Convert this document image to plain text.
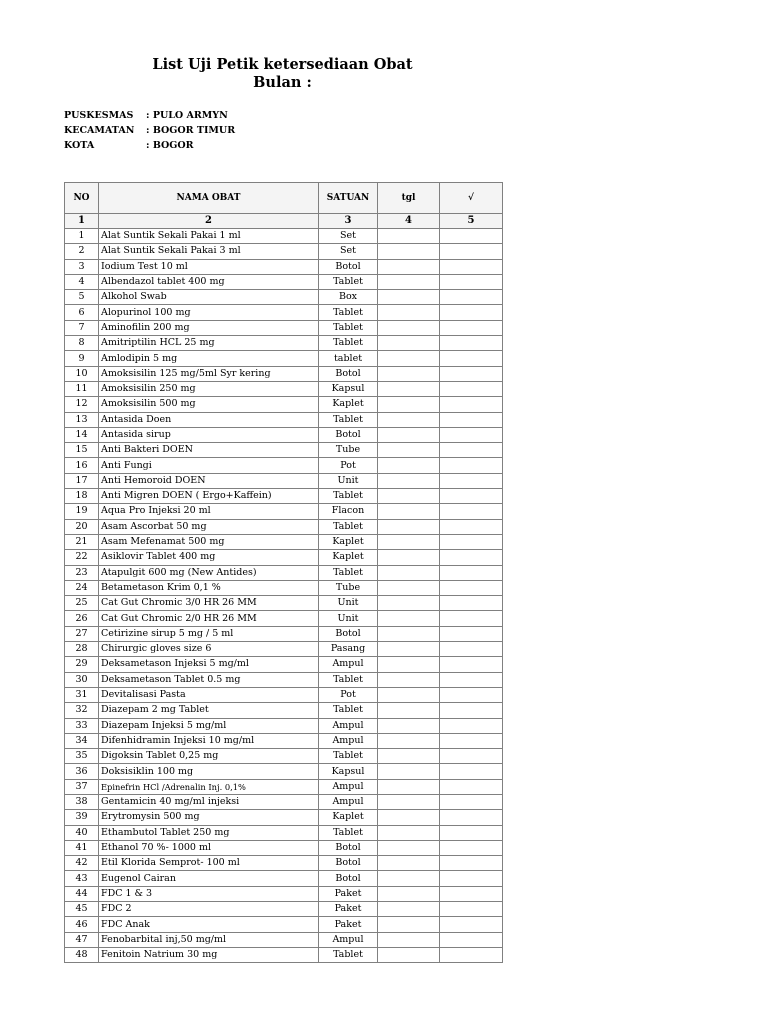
List Uji Petik ketersediaan Obat
Bulan :
PUSKESMAS : PULO ARMYN
KECAMATAN : BOGOR TIMUR
KOTA	: BOGOR
NO	NAMA OBAT	SATUAN	tgl	√
1	2	3	4	5
1	Alat Suntik Sekali Pakai 1 ml	Set		
2	Alat Suntik Sekali Pakai 3 ml	Set		
3	Iodium Test 10 ml	Botol		
4	Albendazol tablet 400 mg	Tablet		
5	Alkohol Swab	Box		
6	Alopurinol 100 mg	Tablet		
7	Aminofilin 200 mg	Tablet		
8	Amitriptilin HCL 25 mg	Tablet		
9	Amlodipin 5 mg	tablet		
10	Amoksisilin 125 mg/5ml Syr kering	Botol		
11	Amoksisilin 250 mg	Kapsul		
12	Amoksisilin 500 mg	Kaplet		
13	Antasida Doen	Tablet		
14	Antasida sirup	Botol		
15	Anti Bakteri DOEN	Tube		
16	Anti Fungi	Pot		
17	Anti Hemoroid DOEN	Unit		
18	Anti Migren DOEN ( Ergo+Kaffein)	Tablet		
19	Aqua Pro Injeksi 20 ml	Flacon		
20	Asam Ascorbat 50 mg	Tablet		
21	Asam Mefenamat 500 mg	Kaplet		
22	Asiklovir Tablet 400 mg	Kaplet		
23	Atapulgit 600 mg (New Antides)	Tablet		
24	Betametason Krim 0,1 %	Tube		
25	Cat Gut Chromic 3/0 HR 26 MM	Unit		
26	Cat Gut Chromic 2/0 HR 26 MM	Unit		
27	Cetirizine sirup 5 mg / 5 ml	Botol		
28	Chirurgic gloves size 6	Pasang		
29	Deksametason Injeksi 5 mg/ml	Ampul		
30	Deksametason Tablet 0.5 mg	Tablet		
31	Devitalisasi Pasta	Pot		
32	Diazepam 2 mg Tablet	Tablet		
33	Diazepam Injeksi 5 mg/ml	Ampul		
34	Difenhidramin Injeksi 10 mg/ml	Ampul		
35	Digoksin Tablet 0,25 mg	Tablet		
36	Doksisiklin 100 mg	Kapsul		
37	Epinefrin HCl /Adrenalin Inj. 0,1%	Ampul		
38	Gentamicin 40 mg/ml injeksi	Ampul		
39	Erytromysin 500 mg	Kaplet		
40	Ethambutol Tablet 250 mg	Tablet		
41	Ethanol 70 %- 1000 ml	Botol		
42	Etil Klorida Semprot- 100 ml	Botol		
43	Eugenol Cairan	Botol		
44	FDC 1 & 3	Paket		
45	FDC 2	Paket		
46	FDC Anak	Paket		
47	Fenobarbital inj,50 mg/ml	Ampul		
48	Fenitoin Natrium 30 mg	Tablet		
